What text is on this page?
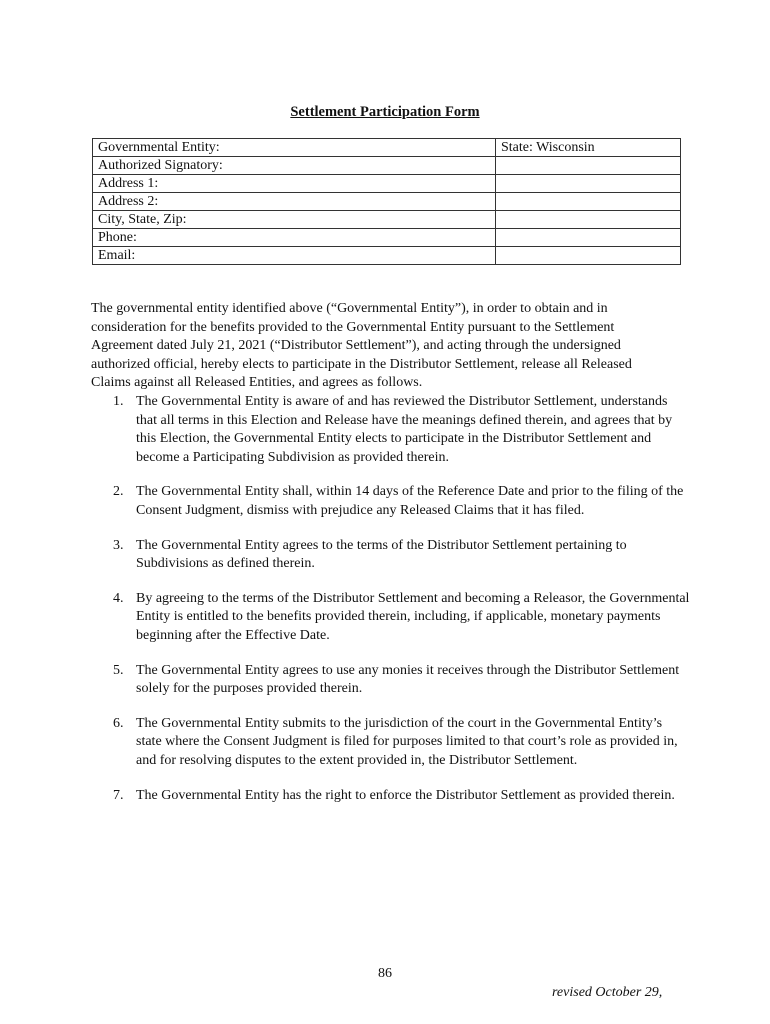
Settlement Participation Form
Governmental Entity:	State: Wisconsin
Authorized Signatory:	
Address 1:	
Address 2:	
City, State, Zip:	
Phone:	
Email:	

The governmental entity identified above (“Governmental Entity”), in order to obtain and in consideration for the benefits provided to the Governmental Entity pursuant to the Settlement Agreement dated July 21, 2021 (“Distributor Settlement”), and acting through the undersigned authorized official, hereby elects to participate in the Distributor Settlement, release all Released Claims against all Released Entities, and agrees as follows.

1. The Governmental Entity is aware of and has reviewed the Distributor Settlement, understands that all terms in this Election and Release have the meanings defined therein, and agrees that by this Election, the Governmental Entity elects to participate in the Distributor Settlement and become a Participating Subdivision as provided therein.
2. The Governmental Entity shall, within 14 days of the Reference Date and prior to the filing of the Consent Judgment, dismiss with prejudice any Released Claims that it has filed.
3. The Governmental Entity agrees to the terms of the Distributor Settlement pertaining to Subdivisions as defined therein.
4. By agreeing to the terms of the Distributor Settlement and becoming a Releasor, the Governmental Entity is entitled to the benefits provided therein, including, if applicable, monetary payments beginning after the Effective Date.
5. The Governmental Entity agrees to use any monies it receives through the Distributor Settlement solely for the purposes provided therein.
6. The Governmental Entity submits to the jurisdiction of the court in the Governmental Entity’s state where the Consent Judgment is filed for purposes limited to that court’s role as provided in, and for resolving disputes to the extent provided in, the Distributor Settlement.
7. The Governmental Entity has the right to enforce the Distributor Settlement as provided therein.
86
revised October 29,
